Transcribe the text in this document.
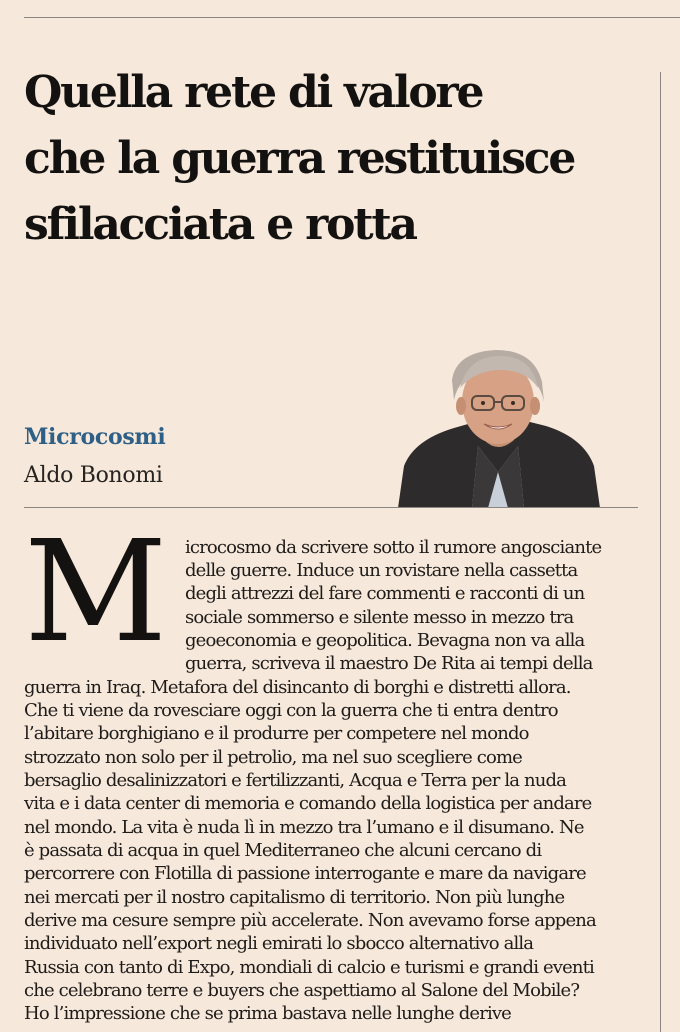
Quella rete di valore
che la guerra restituisce
sfilacciata e rotta
Microcosmi
Aldo Bonomi
M icrocosmo da scrivere sotto il rumore angosciante
delle guerre. Induce un rovistare nella cassetta
degli attrezzi del fare commenti e racconti di un
sociale sommerso e silente messo in mezzo tra
geoeconomia e geopolitica. Bevagna non va alla
guerra, scriveva il maestro De Rita ai tempi della
guerra in Iraq. Metafora del disincanto di borghi e distretti allora.
Che ti viene da rovesciare oggi con la guerra che ti entra dentro
l’abitare borghigiano e il produrre per competere nel mondo
strozzato non solo per il petrolio, ma nel suo scegliere come
bersaglio desalinizzatori e fertilizzanti, Acqua e Terra per la nuda
vita e i data center di memoria e comando della logistica per andare
nel mondo. La vita è nuda lì in mezzo tra l’umano e il disumano. Ne
è passata di acqua in quel Mediterraneo che alcuni cercano di
percorrere con Flotilla di passione interrogante e mare da navigare
nei mercati per il nostro capitalismo di territorio. Non più lunghe
derive ma cesure sempre più accelerate. Non avevamo forse appena
individuato nell’export negli emirati lo sbocco alternativo alla
Russia con tanto di Expo, mondiali di calcio e turismi e grandi eventi
che celebrano terre e buyers che aspettiamo al Salone del Mobile?
Ho l’impressione che se prima bastava nelle lunghe derive
